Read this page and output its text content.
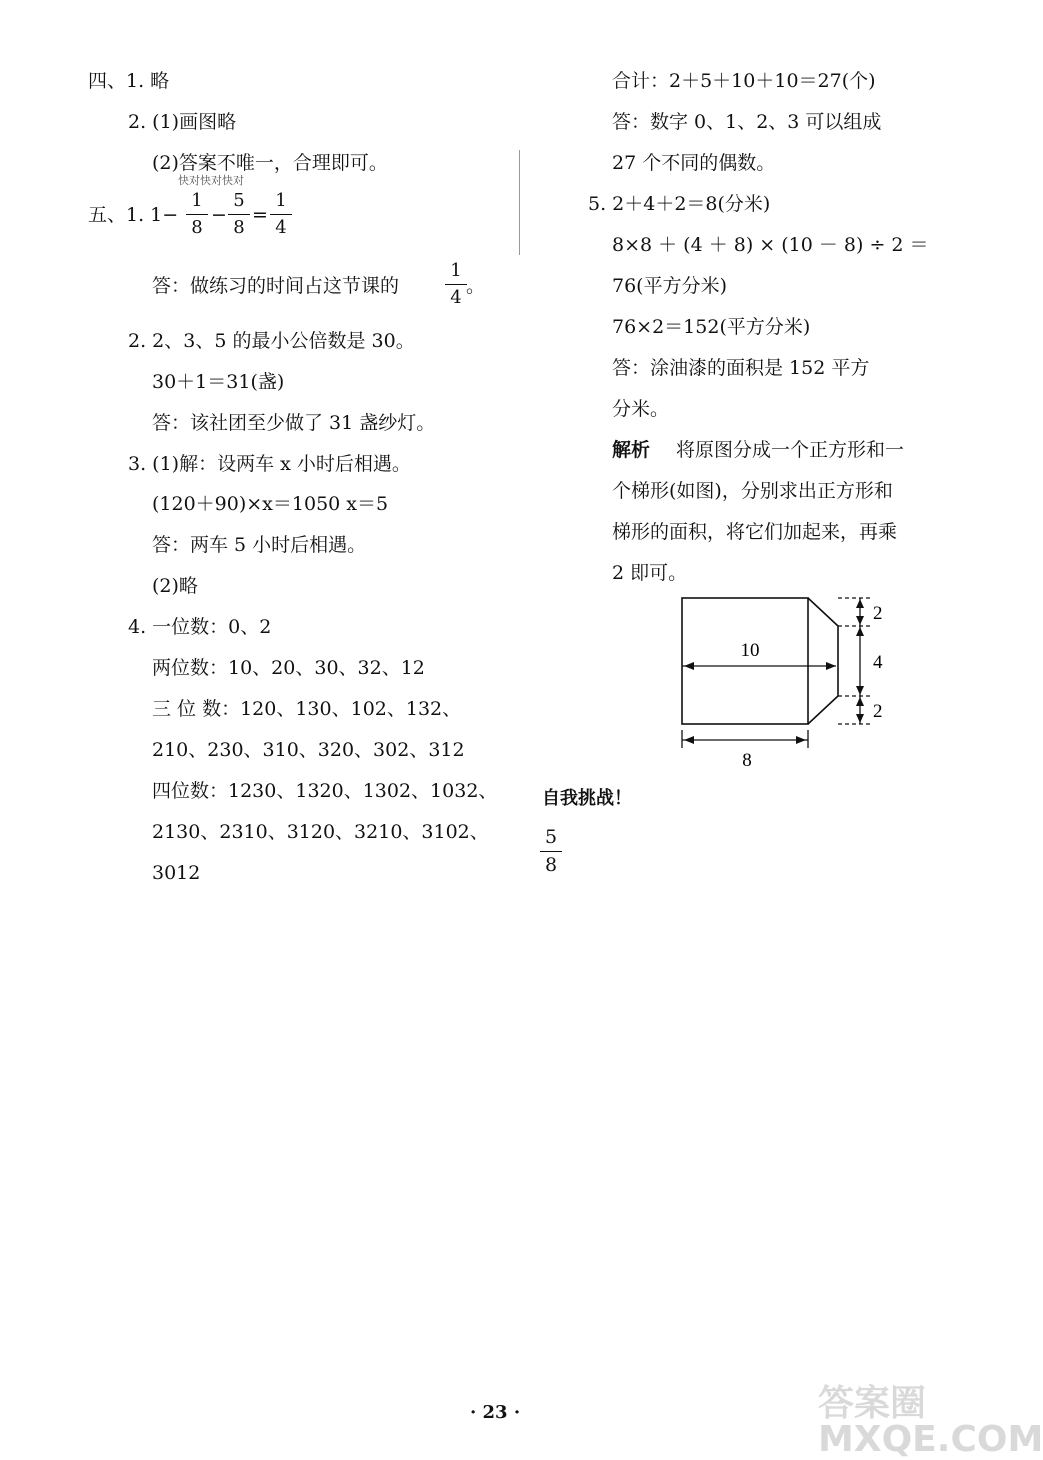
四、1. 略
2. (1)画图略
(2)答案不唯一，合理即可。
快对快对快对
五、1. 1−
1
8
−
5
8
=
1
4
答：做练习的时间占这节课的
1
4
。
2. 2、3、5 的最小公倍数是 30。
30＋1＝31(盏)
答：该社团至少做了 31 盏纱灯。
3. (1)解：设两车 x 小时后相遇。
(120＋90)×x＝1050 x＝5
答：两车 5 小时后相遇。
(2)略
4. 一位数：0、2
两位数：10、20、30、32、12
三 位 数：120、130、102、132、
210、230、310、320、302、312
四位数：1230、1320、1302、1032、
2130、2310、3120、3210、3102、
3012
合计：2＋5＋10＋10＝27(个)
答：数字 0、1、2、3 可以组成
27 个不同的偶数。
5. 2＋4＋2＝8(分米)
8×8 ＋ (4 ＋ 8) × (10 － 8) ÷ 2 ＝
76(平方分米)
76×2＝152(平方分米)
答：涂油漆的面积是 152 平方
分米。
解析 将原图分成一个正方形和一
个梯形(如图)，分别求出正方形和
梯形的面积，将它们加起来，再乘
2 即可。
10
8
2
4
2
自我挑战！
5
8
· 23 ·	答案圈 MXQE.COM
